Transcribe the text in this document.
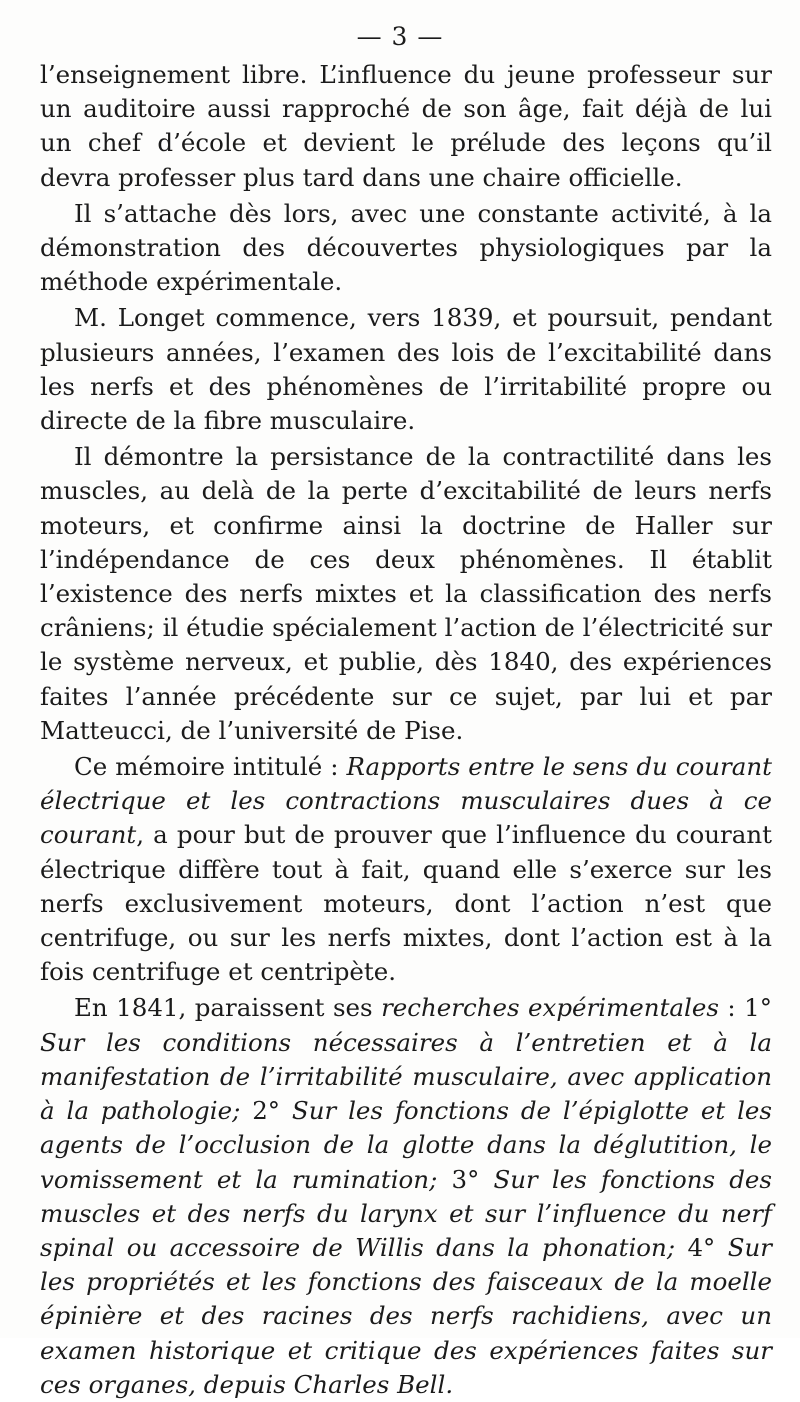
— 3 —

l’enseignement libre. L’influence du jeune professeur sur un auditoire aussi rapproché de son âge, fait déjà de lui un chef d’école et devient le prélude des leçons qu’il devra professer plus tard dans une chaire officielle.

Il s’attache dès lors, avec une constante activité, à la démonstration des découvertes physiologiques par la méthode expérimentale.

M. Longet commence, vers 1839, et poursuit, pendant plusieurs années, l’examen des lois de l’excitabilité dans les nerfs et des phénomènes de l’irritabilité propre ou directe de la fibre musculaire.

Il démontre la persistance de la contractilité dans les muscles, au delà de la perte d’excitabilité de leurs nerfs moteurs, et confirme ainsi la doctrine de Haller sur l’indépendance de ces deux phénomènes. Il établit l’existence des nerfs mixtes et la classification des nerfs crâniens; il étudie spécialement l’action de l’électricité sur le système nerveux, et publie, dès 1840, des expériences faites l’année précédente sur ce sujet, par lui et par Matteucci, de l’université de Pise.

Ce mémoire intitulé : Rapports entre le sens du courant électrique et les contractions musculaires dues à ce courant, a pour but de prouver que l’influence du courant électrique diffère tout à fait, quand elle s’exerce sur les nerfs exclusivement moteurs, dont l’action n’est que centrifuge, ou sur les nerfs mixtes, dont l’action est à la fois centrifuge et centripète.

En 1841, paraissent ses recherches expérimentales : 1° Sur les conditions nécessaires à l’entretien et à la manifestation de l’irritabilité musculaire, avec application à la pathologie; 2° Sur les fonctions de l’épiglotte et les agents de l’occlusion de la glotte dans la déglutition, le vomissement et la rumination; 3° Sur les fonctions des muscles et des nerfs du larynx et sur l’influence du nerf spinal ou accessoire de Willis dans la phonation; 4° Sur les propriétés et les fonctions des faisceaux de la moelle épinière et des racines des nerfs rachidiens, avec un examen historique et critique des expériences faites sur ces organes, depuis Charles Bell.
